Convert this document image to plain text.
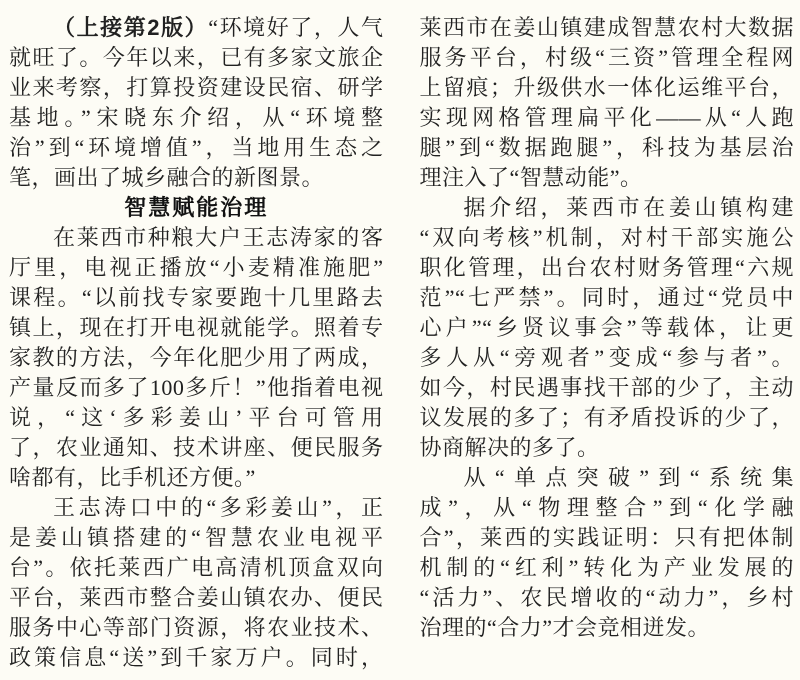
（上接第2版）“环境好了，人气
就旺了。今年以来，已有多家文旅企
业来考察，打算投资建设民宿、研学
基地。”宋晓东介绍，从“环境整
治”到“环境增值”，当地用生态之
笔，画出了城乡融合的新图景。
智慧赋能治理
在莱西市种粮大户王志涛家的客
厅里，电视正播放“小麦精准施肥”
课程。“以前找专家要跑十几里路去
镇上，现在打开电视就能学。照着专
家教的方法，今年化肥少用了两成，
产量反而多了100多斤！”他指着电视
说，“这‘多彩姜山’平台可管用
了，农业通知、技术讲座、便民服务
啥都有，比手机还方便。”
王志涛口中的“多彩姜山”，正
是姜山镇搭建的“智慧农业电视平
台”。依托莱西广电高清机顶盒双向
平台，莱西市整合姜山镇农办、便民
服务中心等部门资源，将农业技术、
政策信息“送”到千家万户。同时，
莱西市在姜山镇建成智慧农村大数据
服务平台，村级“三资”管理全程网
上留痕；升级供水一体化运维平台，
实现网格管理扁平化——从“人跑
腿”到“数据跑腿”，科技为基层治
理注入了“智慧动能”。
据介绍，莱西市在姜山镇构建
“双向考核”机制，对村干部实施公
职化管理，出台农村财务管理“六规
范”“七严禁”。同时，通过“党员中
心户”“乡贤议事会”等载体，让更
多人从“旁观者”变成“参与者”。
如今，村民遇事找干部的少了，主动
议发展的多了；有矛盾投诉的少了，
协商解决的多了。
从“单点突破”到“系统集
成”，从“物理整合”到“化学融
合”，莱西的实践证明：只有把体制
机制的“红利”转化为产业发展的
“活力”、农民增收的“动力”，乡村
治理的“合力”才会竞相迸发。
